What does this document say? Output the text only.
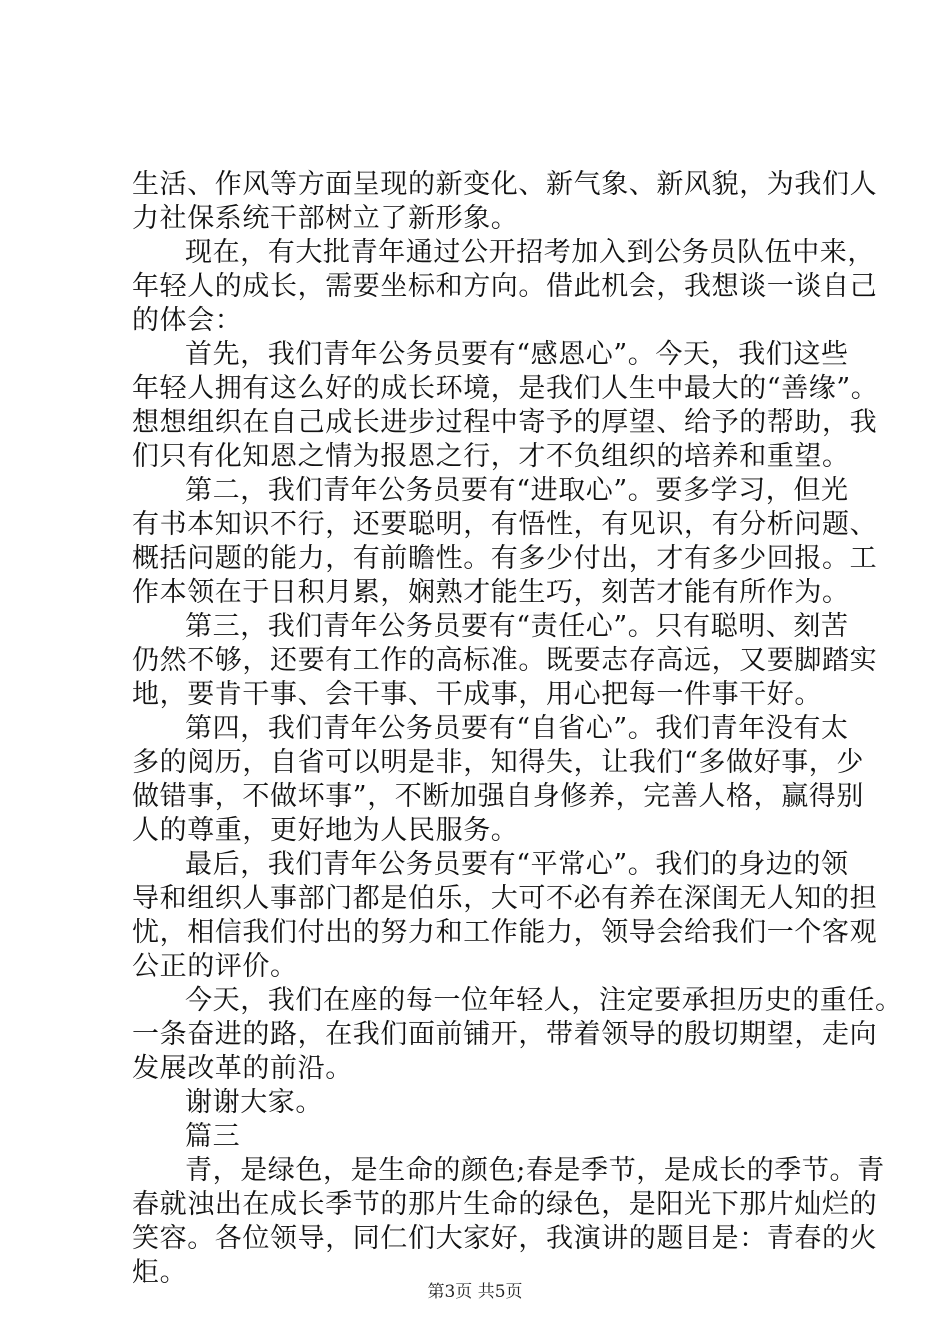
生活、作风等方面呈现的新变化、新气象、新风貌，为我们人
力社保系统干部树立了新形象。
现在，有大批青年通过公开招考加入到公务员队伍中来，
年轻人的成长，需要坐标和方向。借此机会，我想谈一谈自己
的体会：
首先，我们青年公务员要有“感恩心”。今天，我们这些
年轻人拥有这么好的成长环境，是我们人生中最大的“善缘”。
想想组织在自己成长进步过程中寄予的厚望、给予的帮助，我
们只有化知恩之情为报恩之行，才不负组织的培养和重望。
第二，我们青年公务员要有“进取心”。要多学习，但光
有书本知识不行，还要聪明，有悟性，有见识，有分析问题、
概括问题的能力，有前瞻性。有多少付出，才有多少回报。工
作本领在于日积月累，娴熟才能生巧，刻苦才能有所作为。
第三，我们青年公务员要有“责任心”。只有聪明、刻苦
仍然不够，还要有工作的高标准。既要志存高远，又要脚踏实
地，要肯干事、会干事、干成事，用心把每一件事干好。
第四，我们青年公务员要有“自省心”。我们青年没有太
多的阅历，自省可以明是非，知得失，让我们“多做好事，少
做错事，不做坏事”，不断加强自身修养，完善人格，赢得别
人的尊重，更好地为人民服务。
最后，我们青年公务员要有“平常心”。我们的身边的领
导和组织人事部门都是伯乐，大可不必有养在深闺无人知的担
忧，相信我们付出的努力和工作能力，领导会给我们一个客观
公正的评价。
今天，我们在座的每一位年轻人，注定要承担历史的重任。
一条奋进的路，在我们面前铺开，带着领导的殷切期望，走向
发展改革的前沿。
谢谢大家。
篇三
青，是绿色，是生命的颜色;春是季节，是成长的季节。青
春就浊出在成长季节的那片生命的绿色，是阳光下那片灿烂的
笑容。各位领导，同仁们大家好，我演讲的题目是：青春的火
炬。
第3页 共5页
